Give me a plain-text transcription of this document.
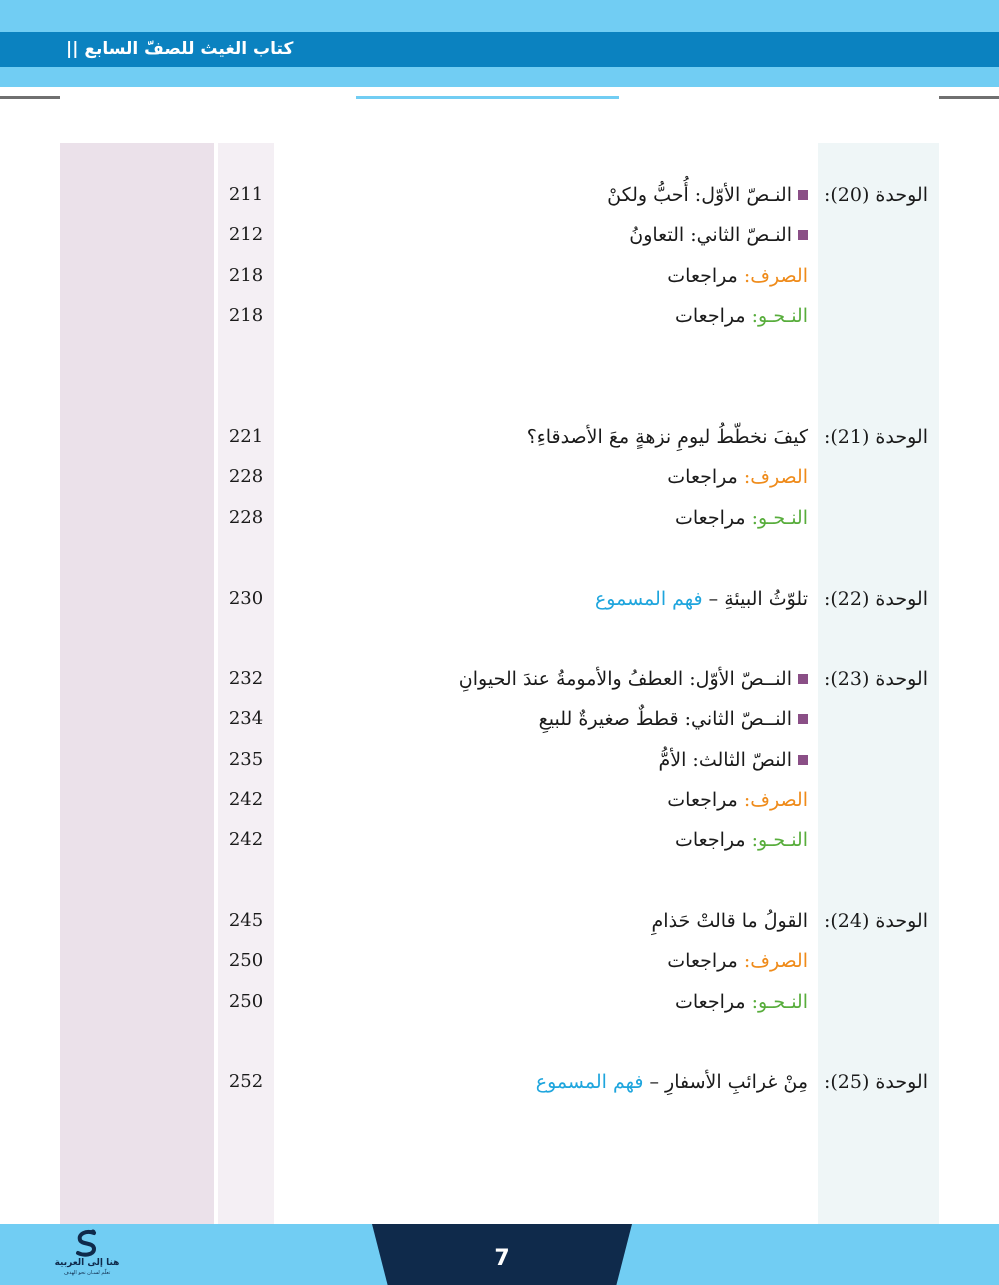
|| كتاب الغيث للصفّ السابع
الوحدة (20):
النـصّ الأوّل: أُحبُّ ولكنْ
211
النـصّ الثاني: التعاونُ
212
الصرف: مراجعات
218
النـحـو: مراجعات
218
الوحدة (21):
كيفَ نخطّطُ ليومِ نزهةٍ معَ الأصدقاءِ؟
221
الصرف: مراجعات
228
النـحـو: مراجعات
228
الوحدة (22):
تلوّثُ البيئةِ – فهم المسموع
230
الوحدة (23):
النــصّ الأوّل: العطفُ والأمومةُ عندَ الحيوانِ
232
النــصّ الثاني: قططٌ صغيرةٌ للبيعِ
234
النصّ الثالث: الأمُّ
235
الصرف: مراجعات
242
النـحـو: مراجعات
242
الوحدة (24):
القولُ ما قالتْ حَذامِ
245
الصرف: مراجعات
250
النـحـو: مراجعات
250
الوحدة (25):
مِنْ غرائبِ الأسفارِ – فهم المسموع
252
7
هنا إلى العربية
تعلّم لسـان نحو الهدف
